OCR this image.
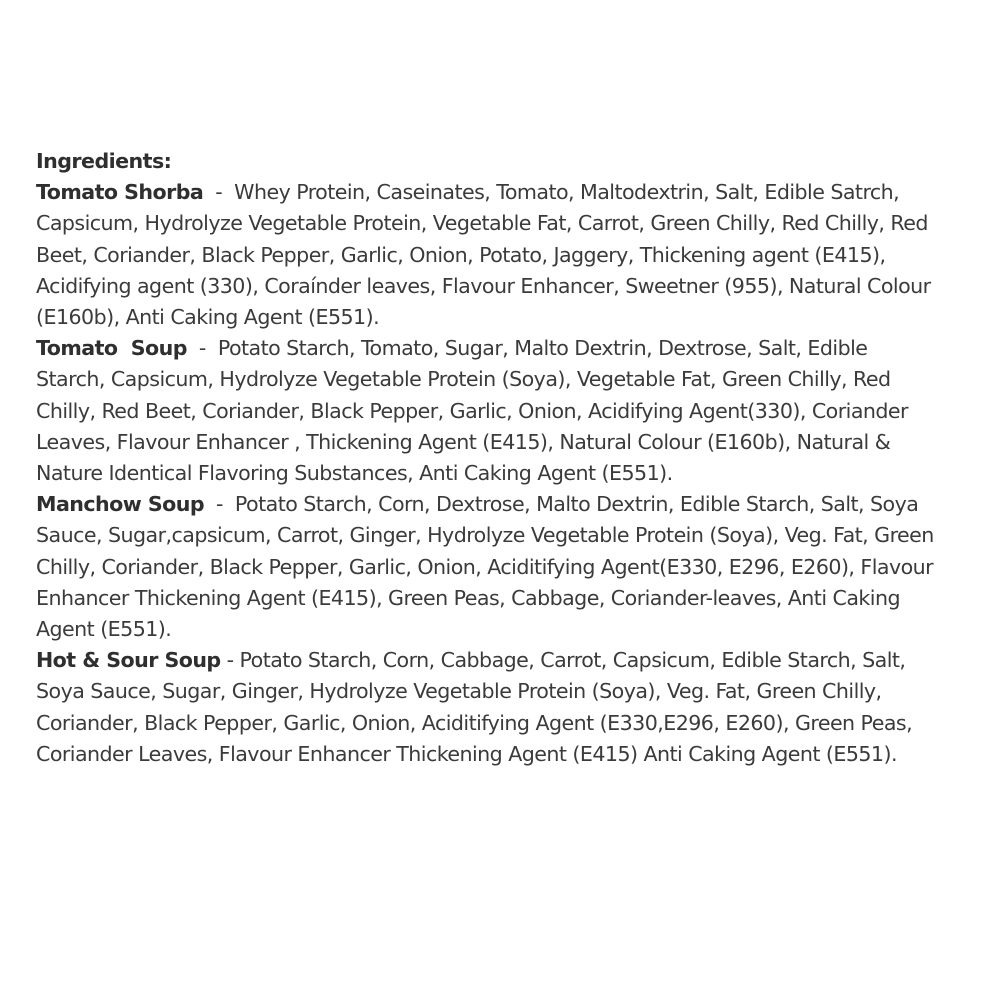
Ingredients:

Tomato Shorba  -  Whey Protein, Caseinates, Tomato, Maltodextrin, Salt, Edible Satrch, Capsicum, Hydrolyze Vegetable Protein, Vegetable Fat, Carrot, Green Chilly, Red Chilly, Red Beet, Coriander, Black Pepper, Garlic, Onion, Potato, Jaggery, Thickening agent (E415), Acidifying agent (330), Coraínder leaves, Flavour Enhancer, Sweetner (955), Natural Colour (E160b), Anti Caking Agent (E551).

Tomato  Soup  -  Potato Starch, Tomato, Sugar, Malto Dextrin, Dextrose, Salt, Edible Starch, Capsicum, Hydrolyze Vegetable Protein (Soya), Vegetable Fat, Green Chilly, Red Chilly, Red Beet, Coriander, Black Pepper, Garlic, Onion, Acidifying Agent(330), Coriander Leaves, Flavour Enhancer , Thickening Agent (E415), Natural Colour (E160b), Natural & Nature Identical Flavoring Substances, Anti Caking Agent (E551).

Manchow Soup  -  Potato Starch, Corn, Dextrose, Malto Dextrin, Edible Starch, Salt, Soya Sauce, Sugar,capsicum, Carrot, Ginger, Hydrolyze Vegetable Protein (Soya), Veg. Fat, Green Chilly, Coriander, Black Pepper, Garlic, Onion, Aciditifying Agent(E330, E296, E260), Flavour Enhancer Thickening Agent (E415), Green Peas, Cabbage, Coriander-leaves, Anti Caking Agent (E551).

Hot & Sour Soup - Potato Starch, Corn, Cabbage, Carrot, Capsicum, Edible Starch, Salt, Soya Sauce, Sugar, Ginger, Hydrolyze Vegetable Protein (Soya), Veg. Fat, Green Chilly, Coriander, Black Pepper, Garlic, Onion, Aciditifying Agent (E330,E296, E260), Green Peas, Coriander Leaves, Flavour Enhancer Thickening Agent (E415) Anti Caking Agent (E551).
